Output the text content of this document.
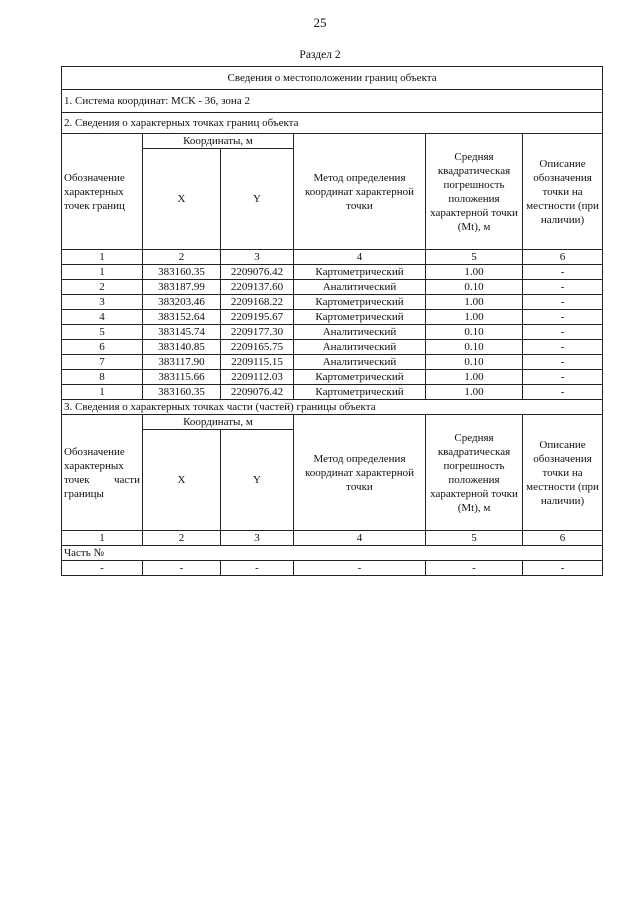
25
Раздел 2
Сведения о местоположении границ объекта					
1. Система координат: МСК - 36, зона 2					
2. Сведения о характерных точках границ объекта					
Обозначение характерных точек границ	Координаты, м		Метод определения координат характерной точки	Средняя квадратическая погрешность положения характерной точки (Mt), м	Описание обозначения точки на местности (при наличии)
	X	Y			
1	2	3	4	5	6
1	383160.35	2209076.42	Картометрический	1.00	-
2	383187.99	2209137.60	Аналитический	0.10	-
3	383203.46	2209168.22	Картометрический	1.00	-
4	383152.64	2209195.67	Картометрический	1.00	-
5	383145.74	2209177.30	Аналитический	0.10	-
6	383140.85	2209165.75	Аналитический	0.10	-
7	383117.90	2209115.15	Аналитический	0.10	-
8	383115.66	2209112.03	Картометрический	1.00	-
1	383160.35	2209076.42	Картометрический	1.00	-
3. Сведения о характерных точках части (частей) границы объекта					
Обозначение характерных точек части границы	Координаты, м		Метод определения координат характерной точки	Средняя квадратическая погрешность положения характерной точки (Mt), м	Описание обозначения точки на местности (при наличии)
	X	Y			
1	2	3	4	5	6
Часть №					
-	-	-	-	-	-
